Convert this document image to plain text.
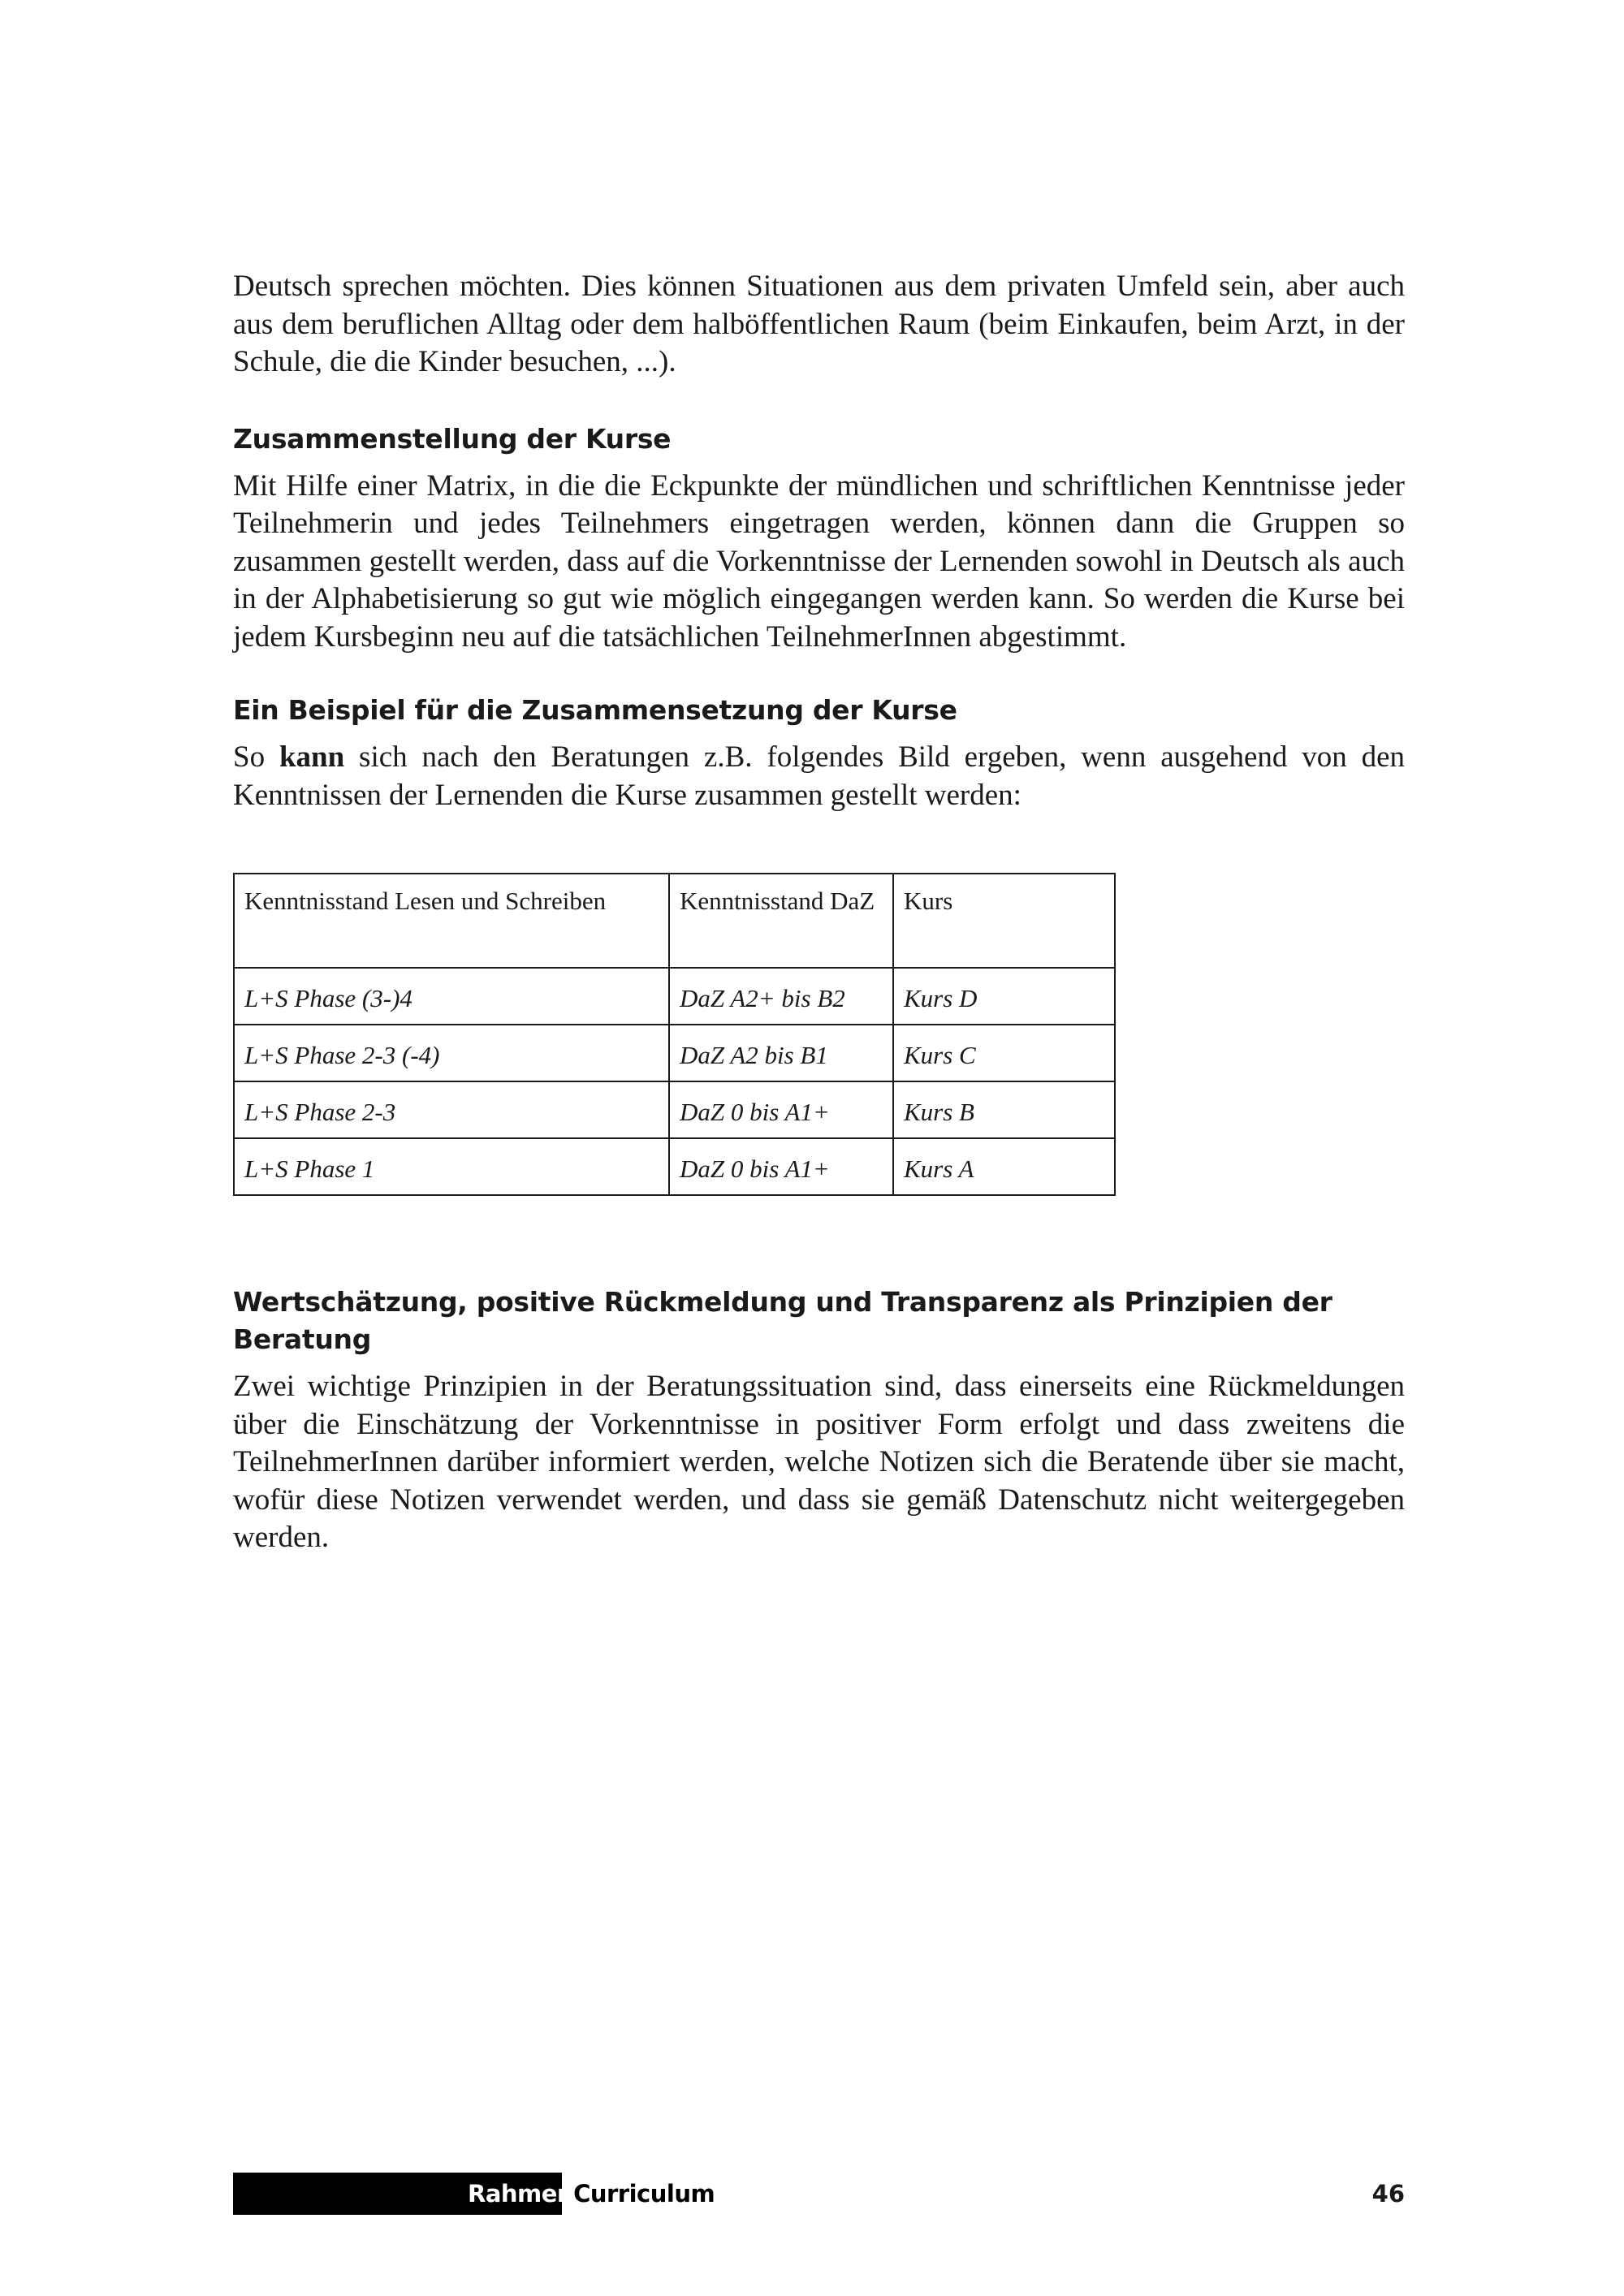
Deutsch sprechen möchten. Dies können Situationen aus dem privaten Umfeld sein, aber auch aus dem beruflichen Alltag oder dem halböffentlichen Raum (beim Einkaufen, beim Arzt, in der Schule, die die Kinder besuchen, ...).

Zusammenstellung der Kurse

Mit Hilfe einer Matrix, in die die Eckpunkte der mündlichen und schriftlichen Kenntnisse jeder Teilnehmerin und jedes Teilnehmers eingetragen werden, können dann die Gruppen so zusammen gestellt werden, dass auf die Vorkenntnisse der Lernenden sowohl in Deutsch als auch in der Alphabetisierung so gut wie möglich eingegangen werden kann. So werden die Kurse bei jedem Kursbeginn neu auf die tatsächlichen TeilnehmerInnen abgestimmt.

Ein Beispiel für die Zusammensetzung der Kurse

So kann sich nach den Beratungen z.B. folgendes Bild ergeben, wenn ausgehend von den Kenntnissen der Lernenden die Kurse zusammen gestellt werden:

Kenntnisstand Lesen und Schreiben	Kenntnisstand DaZ	Kurs
L+S Phase (3-)4	DaZ A2+ bis B2	Kurs D
L+S Phase 2-3 (-4)	DaZ A2 bis B1	Kurs C
L+S Phase 2-3	DaZ 0 bis A1+	Kurs B
L+S Phase 1	DaZ 0 bis A1+	Kurs A
Wertschätzung, positive Rückmeldung und Transparenz als Prinzipien der Beratung

Zwei wichtige Prinzipien in der Beratungssituation sind, dass einerseits eine Rückmeldungen über die Einschätzung der Vorkenntnisse in positiver Form erfolgt und dass zweitens die TeilnehmerInnen darüber informiert werden, welche Notizen sich die Beratende über sie macht, wofür diese Notizen verwendet werden, und dass sie gemäß Datenschutz nicht weitergegeben werden.

RahmenCurriculum	46
